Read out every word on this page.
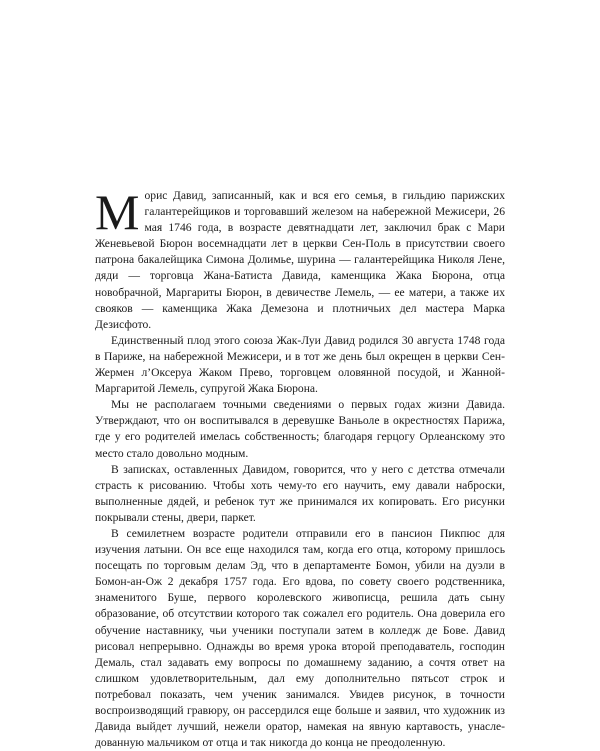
Морис Давид, записанный, как и вся его семья, в гильдию парижских галантерейщиков и торговавший железом на набережной Межисери, 26 мая 1746 года, в возрасте девятнадцати лет, заключил брак с Мари Женевьевой Бюрон восемнадцати лет в церкви Сен-Поль в присутствии своего патрона бакалейщика Симона Долимье, шурина — галантерейщика Николя Лене, дяди — торговца Жана-Батиста Давида, каменщика Жака Бюрона, отца новобрачной, Маргариты Бюрон, в девичестве Лемель, — ее матери, а также их свояков — каменщика Жака Демезона и плотничьих дел мастера Марка Дезисфото.

Единственный плод этого союза Жак-Луи Давид родился 30 августа 1748 года в Париже, на набережной Межисери, и в тот же день был окрещен в церкви Сен-Жермен л’Оксеруа Жаком Прево, торговцем оловянной посудой, и Жанной-Маргаритой Лемель, супругой Жака Бюрона.

Мы не располагаем точными сведениями о первых годах жизни Давида. Утверждают, что он воспитывался в деревушке Ваньоле в окрестностях Парижа, где у его родителей имелась собственность; благодаря герцогу Орлеанскому это место стало довольно модным.

В записках, оставленных Давидом, говорится, что у него с детства отмечали страсть к рисованию. Чтобы хоть чему-то его научить, ему давали наброски, выполненные дядей, и ребенок тут же принимался их копировать. Его рисунки покрывали стены, двери, паркет.

В семилетнем возрасте родители отправили его в пансион Пикпюс для изучения латыни. Он все еще находился там, когда его отца, которому пришлось посещать по торговым делам Эд, что в департаменте Бомон, убили на дуэли в Бомон-ан-Ож 2 декабря 1757 года. Его вдова, по совету своего родственника, знаменитого Буше, первого королевского живописца, решила дать сыну образование, об отсутствии которого так сожалел его родитель. Она доверила его обучение наставнику, чьи ученики поступали затем в колледж де Бове. Давид рисовал непрерывно. Однажды во время урока второй преподаватель, господин Демаль, стал задавать ему вопросы по домашнему заданию, а сочтя ответ на слишком удовлетворительным, дал ему дополнительно пятьсот строк и потребовал показать, чем ученик занимался. Увидев рисунок, в точности воспроизводящий гравюру, он рассердился еще больше и заявил, что художник из Давида выйдет лучший, нежели оратор, намекая на явную картавость, унаследованную мальчиком от отца и так никогда до конца не преодоленную.
